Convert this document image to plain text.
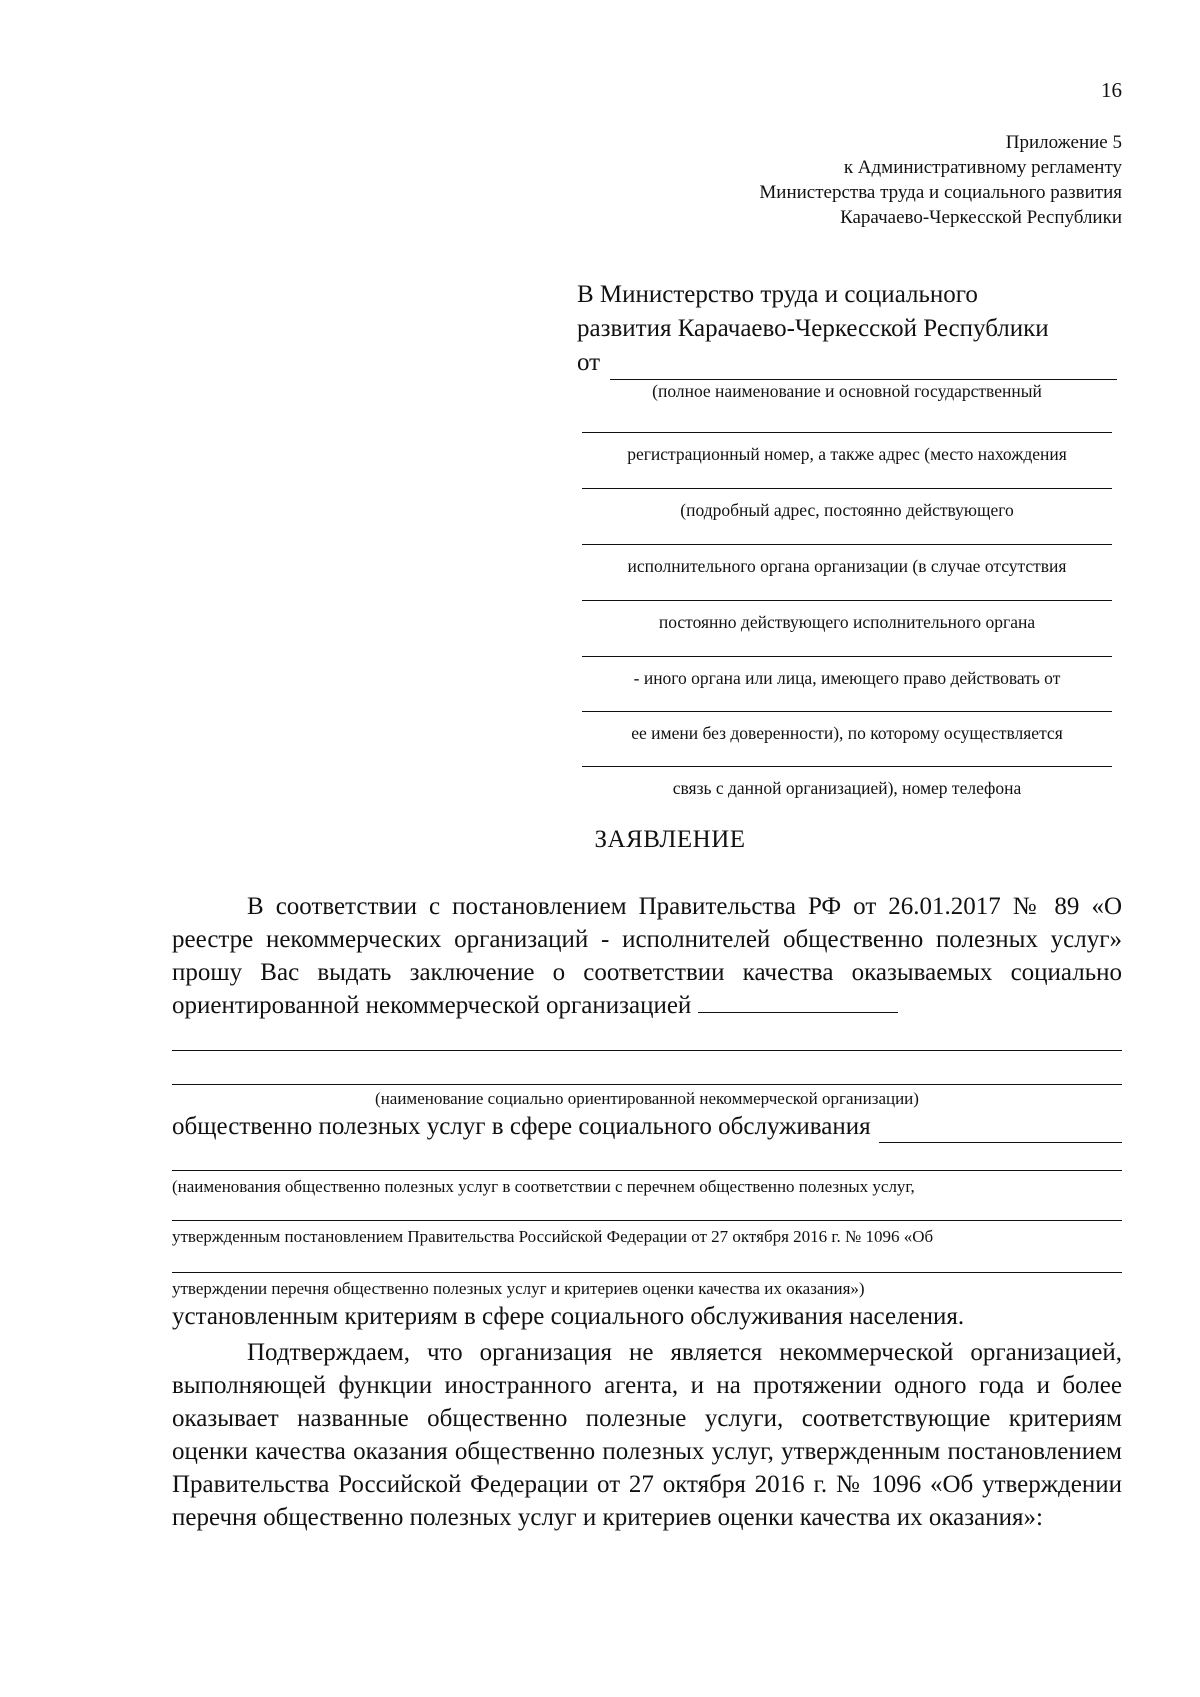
16
Приложение 5
к Административному регламенту
Министерства труда и социального развития
Карачаево-Черкесской Республики
В Министерство труда и социального
развития Карачаево-Черкесской Республики
от
(полное наименование и основной государственный
регистрационный номер, а также адрес (место нахождения
(подробный адрес, постоянно действующего
исполнительного органа организации (в случае отсутствия
постоянно действующего исполнительного органа
- иного органа или лица, имеющего право действовать от
ее имени без доверенности), по которому осуществляется
связь с данной организацией), номер телефона
ЗАЯВЛЕНИЕ
В соответствии с постановлением Правительства РФ от 26.01.2017 № 89 «О реестре некоммерческих организаций - исполнителей общественно полезных услуг» прошу Вас выдать заключение о соответствии качества оказываемых социально ориентированной некоммерческой организацией
(наименование социально ориентированной некоммерческой организации)
общественно полезных услуг в сфере социального обслуживания
(наименования общественно полезных услуг в соответствии с перечнем общественно полезных услуг,
утвержденным постановлением Правительства Российской Федерации от 27 октября 2016 г. № 1096 «Об
утверждении перечня общественно полезных услуг и критериев оценки качества их оказания»)
установленным критериям в сфере социального обслуживания населения.
Подтверждаем, что организация не является некоммерческой организацией, выполняющей функции иностранного агента, и на протяжении одного года и более оказывает названные общественно полезные услуги, соответствующие критериям оценки качества оказания общественно полезных услуг, утвержденным постановлением Правительства Российской Федерации от 27 октября 2016 г. № 1096 «Об утверждении перечня общественно полезных услуг и критериев оценки качества их оказания»:
